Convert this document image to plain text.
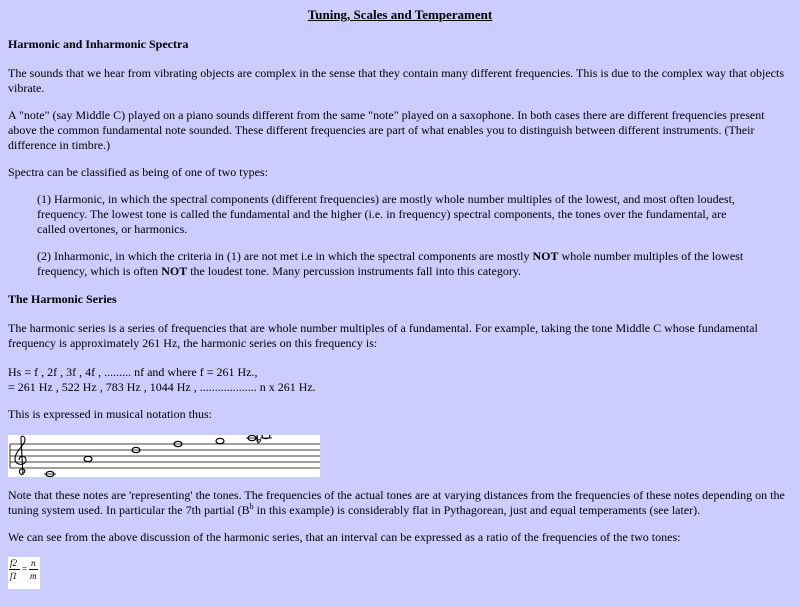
Tuning, Scales and Temperament
Harmonic and Inharmonic Spectra

The sounds that we hear from vibrating objects are complex in the sense that they contain many different frequencies. This is due to the complex way that objects vibrate.

A "note" (say Middle C) played on a piano sounds different from the same "note" played on a saxophone. In both cases there are different frequencies present above the common fundamental note sounded. These different frequencies are part of what enables you to distinguish between different instruments. (Their difference in timbre.)

Spectra can be classified as being of one of two types:

(1) Harmonic, in which the spectral components (different frequencies) are mostly whole number multiples of the lowest, and most often loudest, frequency. The lowest tone is called the fundamental and the higher (i.e. in frequency) spectral components, the tones over the fundamental, are called overtones, or harmonics.

(2) Inharmonic, in which the criteria in (1) are not met i.e in which the spectral components are mostly NOT whole number multiples of the lowest frequency, which is often NOT the loudest tone. Many percussion instruments fall into this category.

The Harmonic Series

The harmonic series is a series of frequencies that are whole number multiples of a fundamental. For example, taking the tone Middle C whose fundamental frequency is approximately 261 Hz, the harmonic series on this frequency is:

Hs = f , 2f , 3f , 4f , ......... nf and where f = 261 Hz.,
= 261 Hz , 522 Hz , 783 Hz , 1044 Hz , ................... n x 261 Hz.

This is expressed in musical notation thus:

Note that these notes are 'representing' the tones. The frequencies of the actual tones are at varying distances from the frequencies of these notes depending on the tuning system used. In particular the 7th partial ($B^b$ in this example) is considerably flat in Pythagorean, just and equal temperaments (see later).

We can see from the above discussion of the harmonic series, that an interval can be expressed as a ratio of the frequencies of the two tones:

f2
f1
=
n
m
